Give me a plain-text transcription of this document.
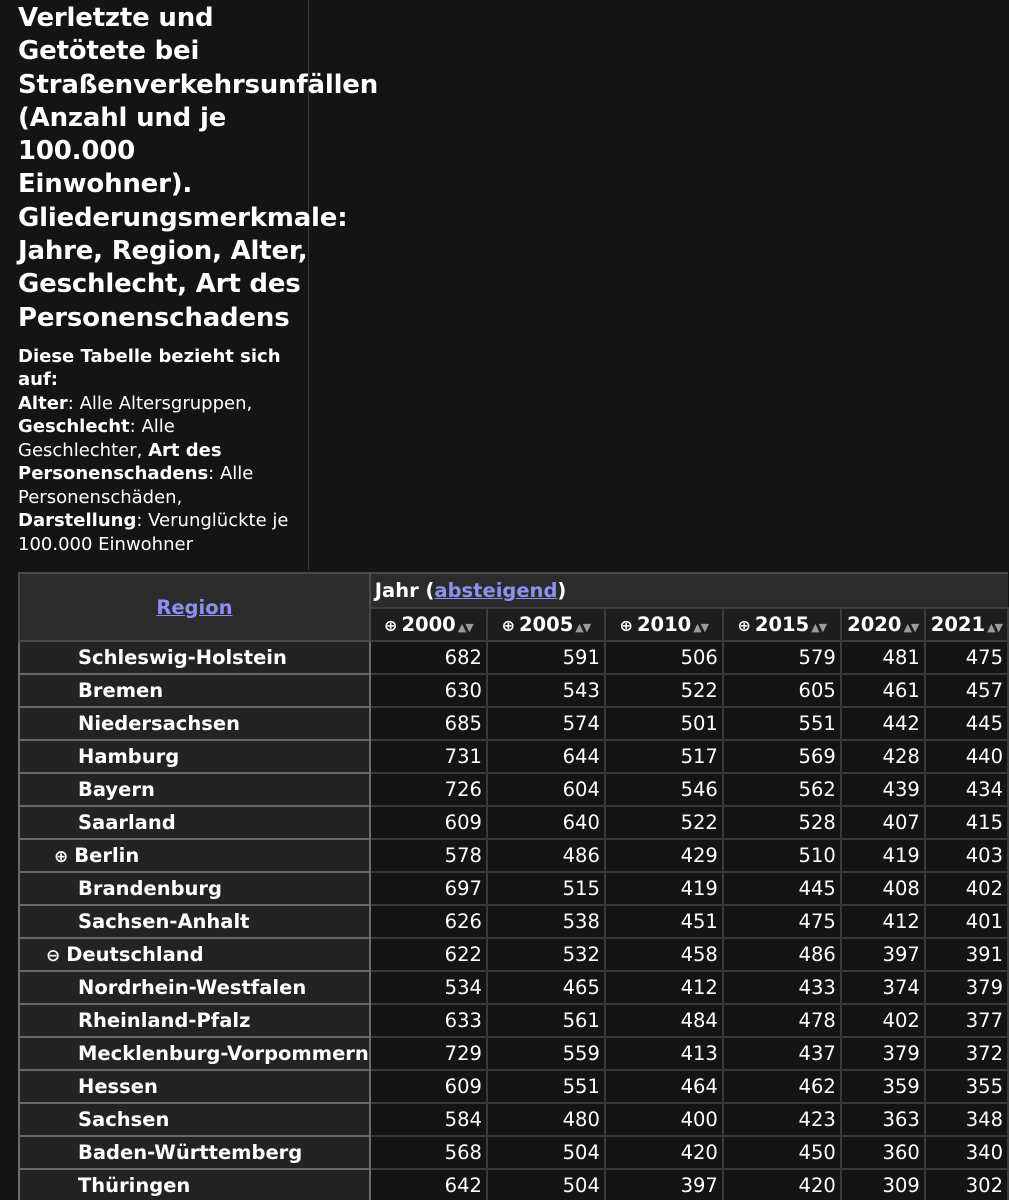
Verletzte und
Getötete bei
Straßenverkehrsunfällen
(Anzahl und je
100.000
Einwohner).
Gliederungsmerkmale:
Jahre, Region, Alter,
Geschlecht, Art des
Personenschadens
Diese Tabelle bezieht sich auf:
Alter: Alle Altersgruppen, Geschlecht: Alle Geschlechter, Art des Personenschadens: Alle Personenschäden, Darstellung: Verunglückte je 100.000 Einwohner
Region	Jahr (absteigend)					
	⊕ 2000 ▲▼	⊕ 2005 ▲▼	⊕ 2010 ▲▼	⊕ 2015 ▲▼	2020 ▲▼	2021 ▲▼
Schleswig-Holstein	682	591	506	579	481	475
Bremen	630	543	522	605	461	457
Niedersachsen	685	574	501	551	442	445
Hamburg	731	644	517	569	428	440
Bayern	726	604	546	562	439	434
Saarland	609	640	522	528	407	415
⊕ Berlin	578	486	429	510	419	403
Brandenburg	697	515	419	445	408	402
Sachsen-Anhalt	626	538	451	475	412	401
⊖ Deutschland	622	532	458	486	397	391
Nordrhein-Westfalen	534	465	412	433	374	379
Rheinland-Pfalz	633	561	484	478	402	377
Mecklenburg-Vorpommern	729	559	413	437	379	372
Hessen	609	551	464	462	359	355
Sachsen	584	480	400	423	363	348
Baden-Württemberg	568	504	420	450	360	340
Thüringen	642	504	397	420	309	302
